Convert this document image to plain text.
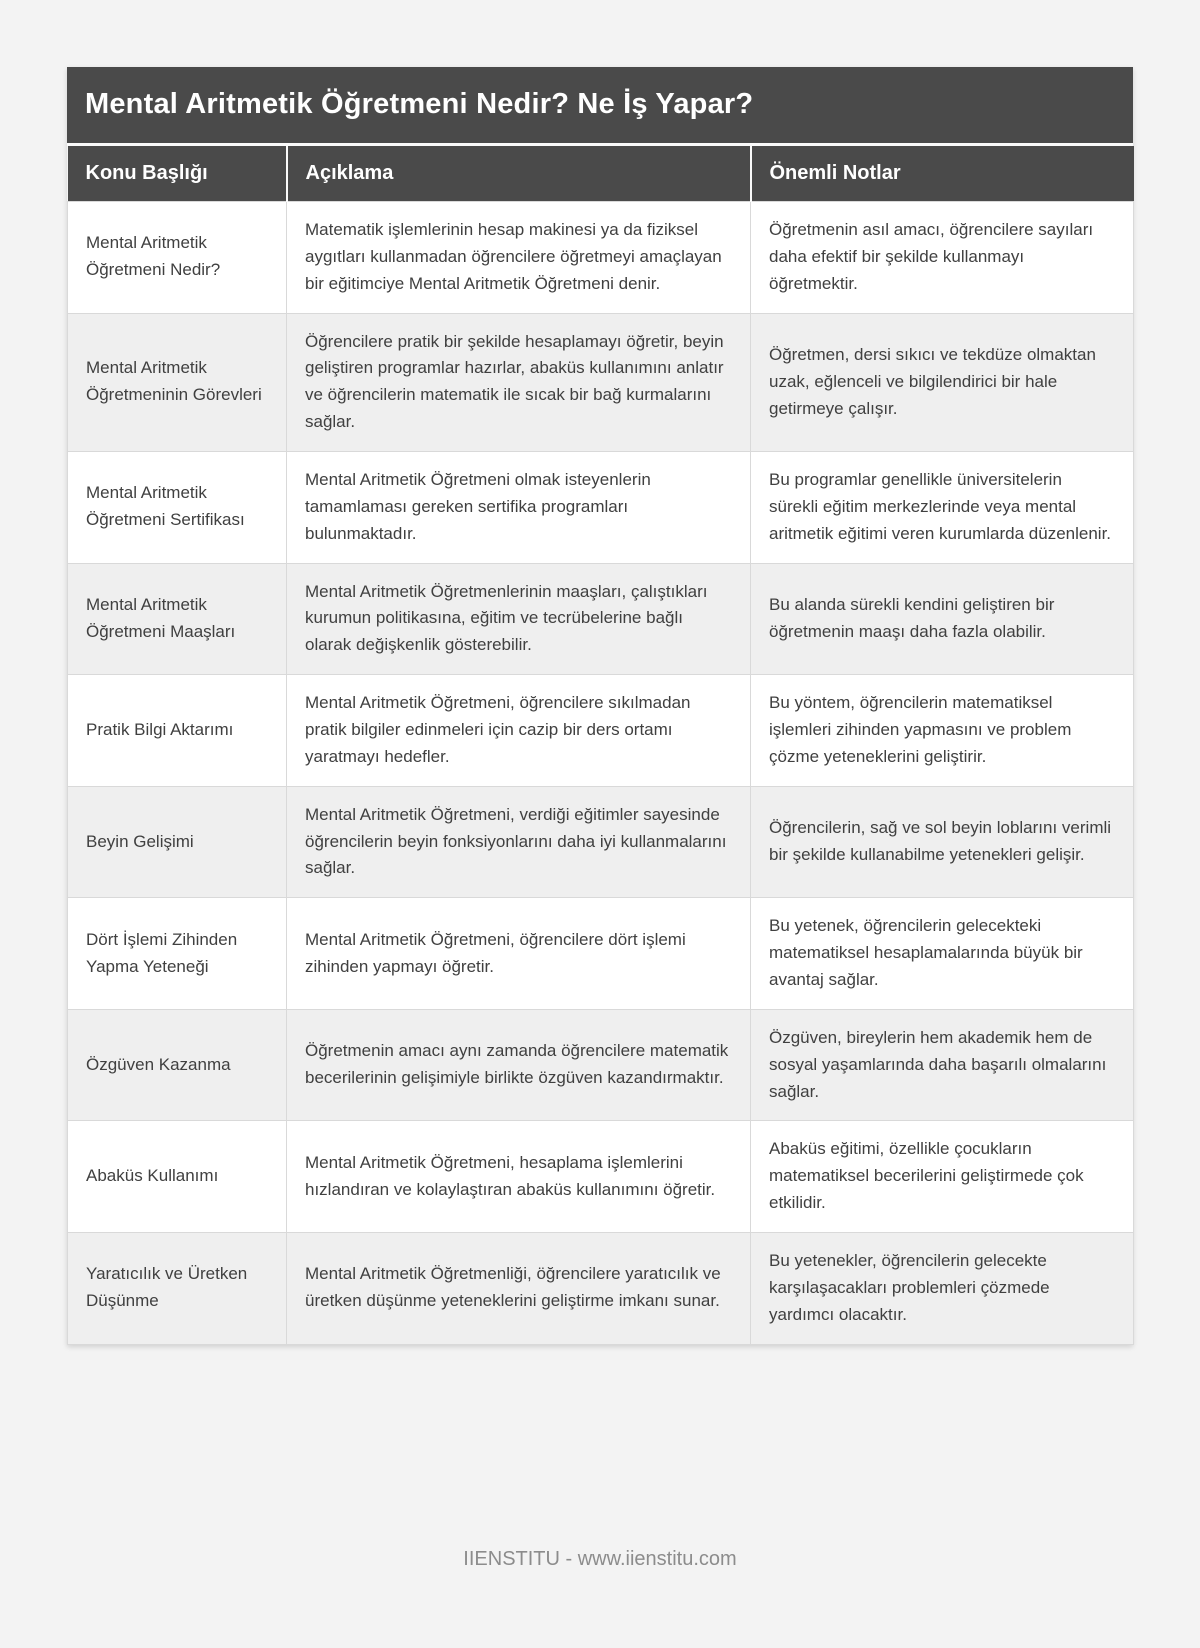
Mental Aritmetik Öğretmeni Nedir? Ne İş Yapar?
Konu Başlığı	Açıklama	Önemli Notlar
Mental Aritmetik Öğretmeni Nedir?	Matematik işlemlerinin hesap makinesi ya da fiziksel aygıtları kullanmadan öğrencilere öğretmeyi amaçlayan bir eğitimciye Mental Aritmetik Öğretmeni denir.	Öğretmenin asıl amacı, öğrencilere sayıları daha efektif bir şekilde kullanmayı öğretmektir.
Mental Aritmetik Öğretmeninin Görevleri	Öğrencilere pratik bir şekilde hesaplamayı öğretir, beyin geliştiren programlar hazırlar, abaküs kullanımını anlatır ve öğrencilerin matematik ile sıcak bir bağ kurmalarını sağlar.	Öğretmen, dersi sıkıcı ve tekdüze olmaktan uzak, eğlenceli ve bilgilendirici bir hale getirmeye çalışır.
Mental Aritmetik Öğretmeni Sertifikası	Mental Aritmetik Öğretmeni olmak isteyenlerin tamamlaması gereken sertifika programları bulunmaktadır.	Bu programlar genellikle üniversitelerin sürekli eğitim merkezlerinde veya mental aritmetik eğitimi veren kurumlarda düzenlenir.
Mental Aritmetik Öğretmeni Maaşları	Mental Aritmetik Öğretmenlerinin maaşları, çalıştıkları kurumun politikasına, eğitim ve tecrübelerine bağlı olarak değişkenlik gösterebilir.	Bu alanda sürekli kendini geliştiren bir öğretmenin maaşı daha fazla olabilir.
Pratik Bilgi Aktarımı	Mental Aritmetik Öğretmeni, öğrencilere sıkılmadan pratik bilgiler edinmeleri için cazip bir ders ortamı yaratmayı hedefler.	Bu yöntem, öğrencilerin matematiksel işlemleri zihinden yapmasını ve problem çözme yeteneklerini geliştirir.
Beyin Gelişimi	Mental Aritmetik Öğretmeni, verdiği eğitimler sayesinde öğrencilerin beyin fonksiyonlarını daha iyi kullanmalarını sağlar.	Öğrencilerin, sağ ve sol beyin loblarını verimli bir şekilde kullanabilme yetenekleri gelişir.
Dört İşlemi Zihinden Yapma Yeteneği	Mental Aritmetik Öğretmeni, öğrencilere dört işlemi zihinden yapmayı öğretir.	Bu yetenek, öğrencilerin gelecekteki matematiksel hesaplamalarında büyük bir avantaj sağlar.
Özgüven Kazanma	Öğretmenin amacı aynı zamanda öğrencilere matematik becerilerinin gelişimiyle birlikte özgüven kazandırmaktır.	Özgüven, bireylerin hem akademik hem de sosyal yaşamlarında daha başarılı olmalarını sağlar.
Abaküs Kullanımı	Mental Aritmetik Öğretmeni, hesaplama işlemlerini hızlandıran ve kolaylaştıran abaküs kullanımını öğretir.	Abaküs eğitimi, özellikle çocukların matematiksel becerilerini geliştirmede çok etkilidir.
Yaratıcılık ve Üretken Düşünme	Mental Aritmetik Öğretmenliği, öğrencilere yaratıcılık ve üretken düşünme yeteneklerini geliştirme imkanı sunar.	Bu yetenekler, öğrencilerin gelecekte karşılaşacakları problemleri çözmede yardımcı olacaktır.
IIENSTITU - www.iienstitu.com
